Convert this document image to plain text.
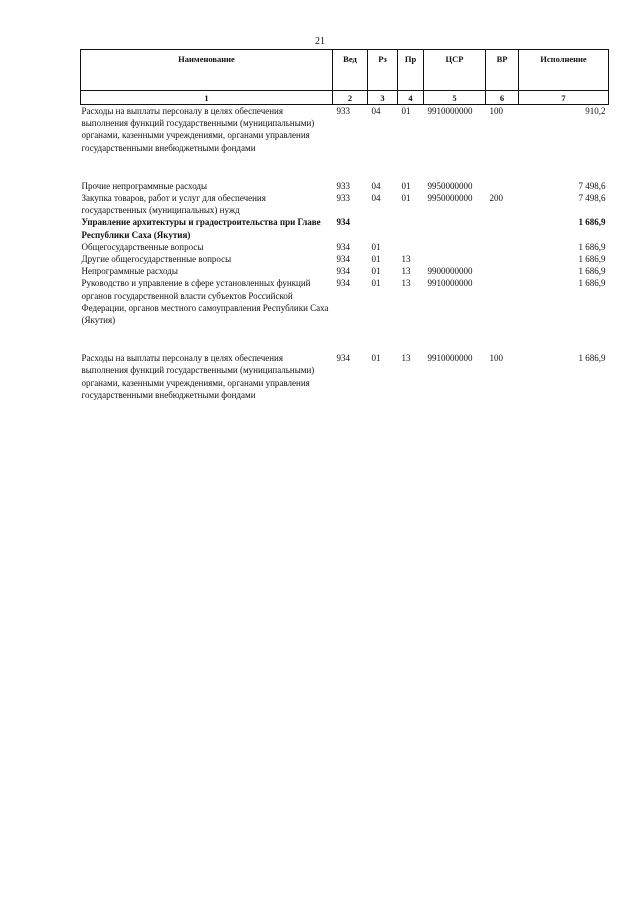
21
Наименование	Вед	Рз	Пр	ЦСР	ВР	Исполнение
1	2	3	4	5	6	7
Расходы на выплаты персоналу в целях обеспечения выполнения функций государственными (муниципальными) органами, казенными учреждениями, органами управления государственными внебюджетными фондами	933	04	01	9910000000	100	910,2
Прочие непрограммные расходы	933	04	01	9950000000		7 498,6
Закупка товаров, работ и услуг для обеспечения государственных (муниципальных) нужд	933	04	01	9950000000	200	7 498,6
Управление архитектуры и градостроительства при Главе Республики Саха (Якутия)	934					1 686,9
Общегосударственные вопросы	934	01				1 686,9
Другие общегосударственные вопросы	934	01	13			1 686,9
Непрограммные расходы	934	01	13	9900000000		1 686,9
Руководство и управление в сфере установленных функций органов государственной власти субъектов Российской Федерации, органов местного самоуправления Республики Саха (Якутия)	934	01	13	9910000000		1 686,9
Расходы на выплаты персоналу в целях обеспечения выполнения функций государственными (муниципальными) органами, казенными учреждениями, органами управления государственными внебюджетными фондами	934	01	13	9910000000	100	1 686,9
